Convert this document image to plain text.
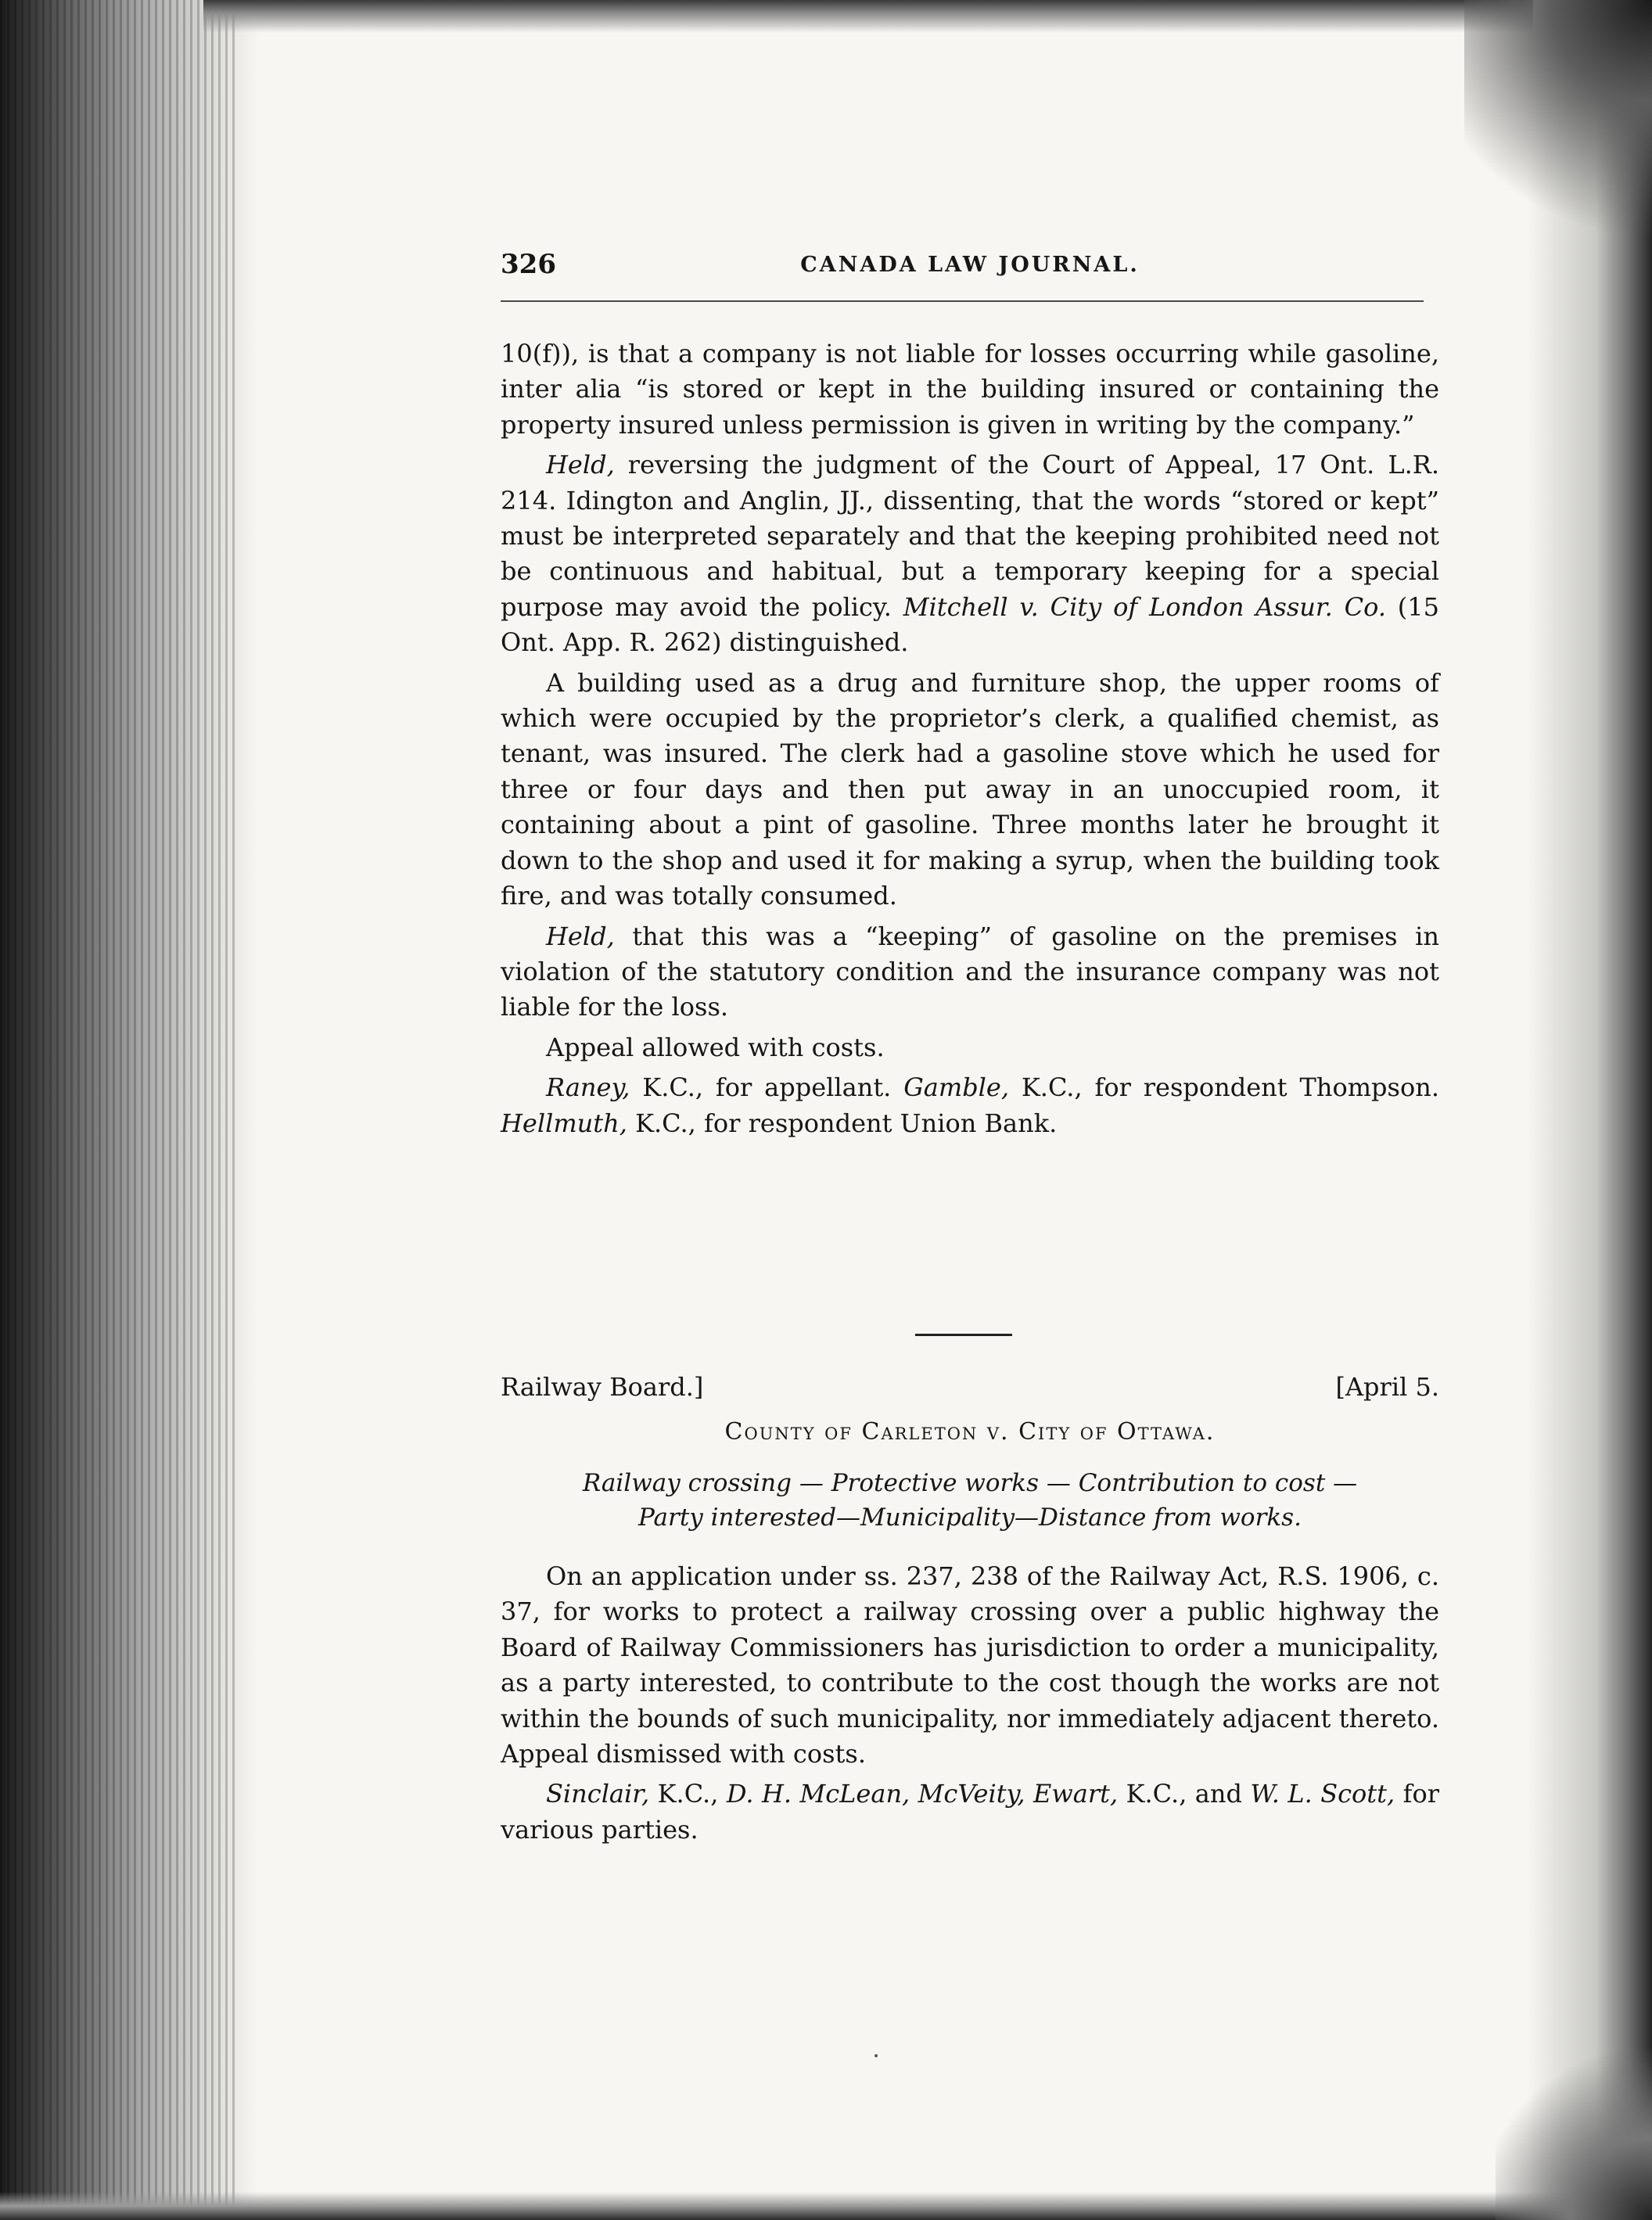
326	CANADA LAW JOURNAL.

10(f)), is that a company is not liable for losses occurring while gasoline, inter alia “is stored or kept in the building insured or containing the property insured unless permission is given in writing by the company.”

Held, reversing the judgment of the Court of Appeal, 17 Ont. L.R. 214. Idington and Anglin, JJ., dissenting, that the words “stored or kept” must be interpreted separately and that the keeping prohibited need not be continuous and habitual, but a temporary keeping for a special purpose may avoid the policy. Mitchell v. City of London Assur. Co. (15 Ont. App. R. 262) distinguished.

A building used as a drug and furniture shop, the upper rooms of which were occupied by the proprietor’s clerk, a qualified chemist, as tenant, was insured. The clerk had a gasoline stove which he used for three or four days and then put away in an unoccupied room, it containing about a pint of gasoline. Three months later he brought it down to the shop and used it for making a syrup, when the building took fire, and was totally consumed.

Held, that this was a “keeping” of gasoline on the premises in violation of the statutory condition and the insurance company was not liable for the loss.

Appeal allowed with costs.

Raney, K.C., for appellant. Gamble, K.C., for respondent Thompson. Hellmuth, K.C., for respondent Union Bank.

Railway Board.]	[April 5.
County of Carleton v. City of Ottawa.
Railway crossing — Protective works — Contribution to cost —
Party interested—Municipality—Distance from works.

On an application under ss. 237, 238 of the Railway Act, R.S. 1906, c. 37, for works to protect a railway crossing over a public highway the Board of Railway Commissioners has jurisdiction to order a municipality, as a party interested, to contribute to the cost though the works are not within the bounds of such municipality, nor immediately adjacent thereto. Appeal dismissed with costs.

Sinclair, K.C., D. H. McLean, McVeity, Ewart, K.C., and W. L. Scott, for various parties.
